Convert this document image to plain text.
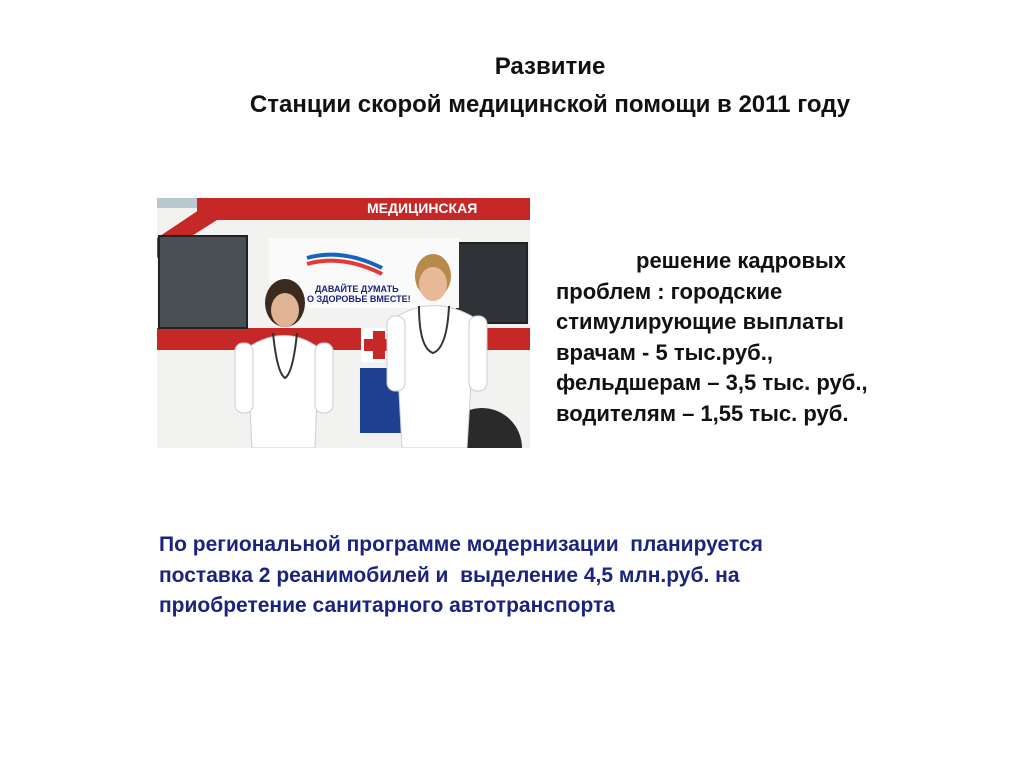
Развитие
Станции скорой медицинской помощи в 2011 году
МЕДИЦИНСКАЯ
ДАВАЙТЕ ДУМАТЬ
О ЗДОРОВЬЕ ВМЕСТЕ!
решение кадровых
проблем : городские
стимулирующие выплаты
врачам - 5 тыс.руб.,
фельдшерам – 3,5 тыс. руб.,
водителям – 1,55 тыс. руб.
По региональной программе модернизации  планируется
поставка 2 реанимобилей и  выделение 4,5 млн.руб. на
приобретение санитарного автотранспорта
